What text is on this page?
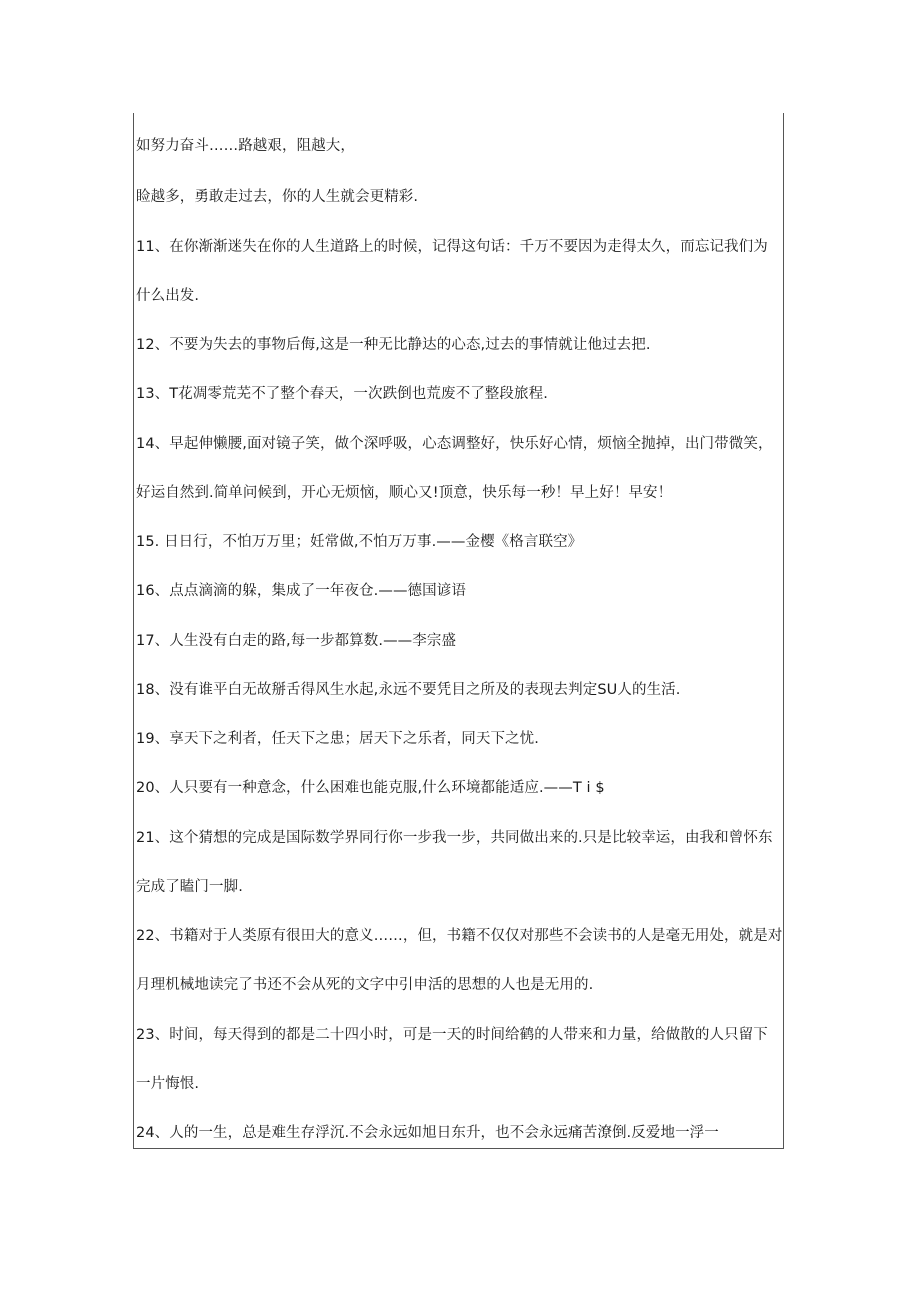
如努力奋斗……路越艰，阻越大，
睑越多，勇敢走过去，你的人生就会更精彩.
11、在你渐渐迷失在你的人生道路上的时候，记得这句话：千万不要因为走得太久，而忘记我们为
什么出发.
12、不要为失去的事物后侮,这是一种无比静达的心态,过去的事情就让他过去把.
13、T花凋零荒芜不了整个春天，一次跌倒也荒废不了整段旅程.
14、早起伸懒腰,面对镜子笑，做个深呼吸，心态调整好，快乐好心情，烦恼全抛掉，出门带微笑，
好运自然到.简单问候到，开心无烦恼，顺心又!顶意，快乐每一秒！早上好！早安！
15. 日日行，不怕万万里；妊常做,不怕万万事.——金樱《格言联空》
16、点点滴滴的躲，集成了一年夜仓.——德国谚语
17、人生没有白走的路,每一步都算数.——李宗盛
18、没有谁平白无故掰舌得风生水起,永远不要凭目之所及的表现去判定SU人的生活.
19、享天下之利者，任天下之患；居天下之乐者，同天下之忧.
20、人只要有一种意念，什么困难也能克服,什么环境都能适应.——T i $
21、这个猜想的完成是国际数学界同行你一步我一步，共同做出来的.只是比较幸运，由我和曾怀东
完成了瞌门一脚.
22、书籍对于人类原有很田大的意义……，但，书籍不仅仅对那些不会读书的人是毫无用处，就是对
月理机械地读完了书还不会从死的文字中引申活的思想的人也是无用的.
23、时间，每天得到的都是二十四小时，可是一天的时间给鹤的人带来和力量，给做散的人只留下
一片悔恨.
24、人的一生，总是难生存浮沉.不会永远如旭日东升，也不会永远痛苦潦倒.反爱地一浮一
